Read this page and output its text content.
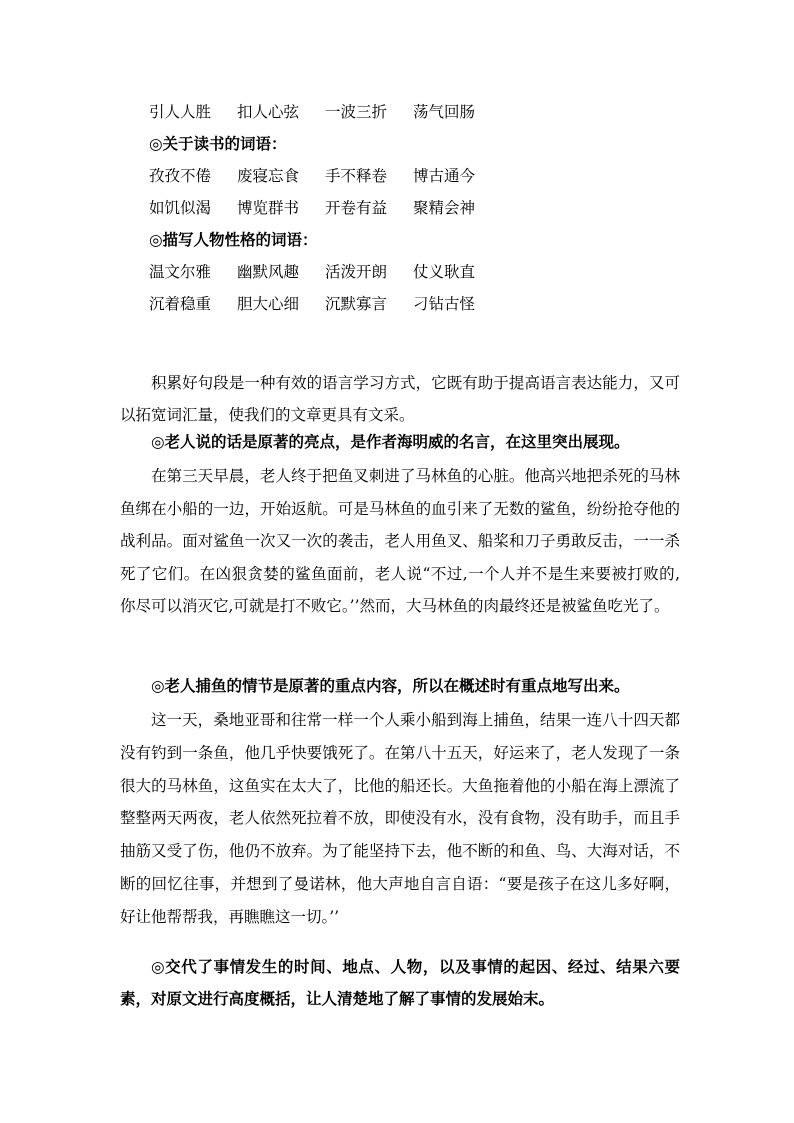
引人人胜 扣人心弦 一波三折 荡气回肠
◎关于读书的词语：
孜孜不倦 废寝忘食 手不释卷 博古通今
如饥似渴 博览群书 开卷有益 聚精会神
◎描写人物性格的词语：
温文尔雅 幽默风趣 活泼开朗 仗义耿直
沉着稳重 胆大心细 沉默寡言 刁钻古怪

积累好句段是一种有效的语言学习方式，它既有助于提高语言表达能力，又可以拓宽词汇量，使我们的文章更具有文采。

◎老人说的话是原著的亮点，是作者海明威的名言，在这里突出展现。

在第三天早晨，老人终于把鱼叉刺进了马林鱼的心脏。他高兴地把杀死的马林鱼绑在小船的一边，开始返航。可是马林鱼的血引来了无数的鲨鱼，纷纷抢夺他的战利品。面对鲨鱼一次又一次的袭击，老人用鱼叉、船桨和刀子勇敢反击，一一杀死了它们。在凶狠贪婪的鲨鱼面前，老人说“不过,一个人并不是生来要被打败的,你尽可以消灭它,可就是打不败它。’’然而，大马林鱼的肉最终还是被鲨鱼吃光了。

◎老人捕鱼的情节是原著的重点内容，所以在概述时有重点地写出来。

这一天，桑地亚哥和往常一样一个人乘小船到海上捕鱼，结果一连八十四天都没有钓到一条鱼，他几乎快要饿死了。在第八十五天，好运来了，老人发现了一条很大的马林鱼，这鱼实在太大了，比他的船还长。大鱼拖着他的小船在海上漂流了整整两天两夜，老人依然死拉着不放，即使没有水，没有食物，没有助手，而且手抽筋又受了伤，他仍不放弃。为了能坚持下去，他不断的和鱼、鸟、大海对话，不断的回忆往事，并想到了曼诺林，他大声地自言自语：“要是孩子在这儿多好啊，好让他帮帮我，再瞧瞧这一切。’’

◎交代了事情发生的时间、地点、人物，以及事情的起因、经过、结果六要素，对原文进行高度概括，让人清楚地了解了事情的发展始末。
